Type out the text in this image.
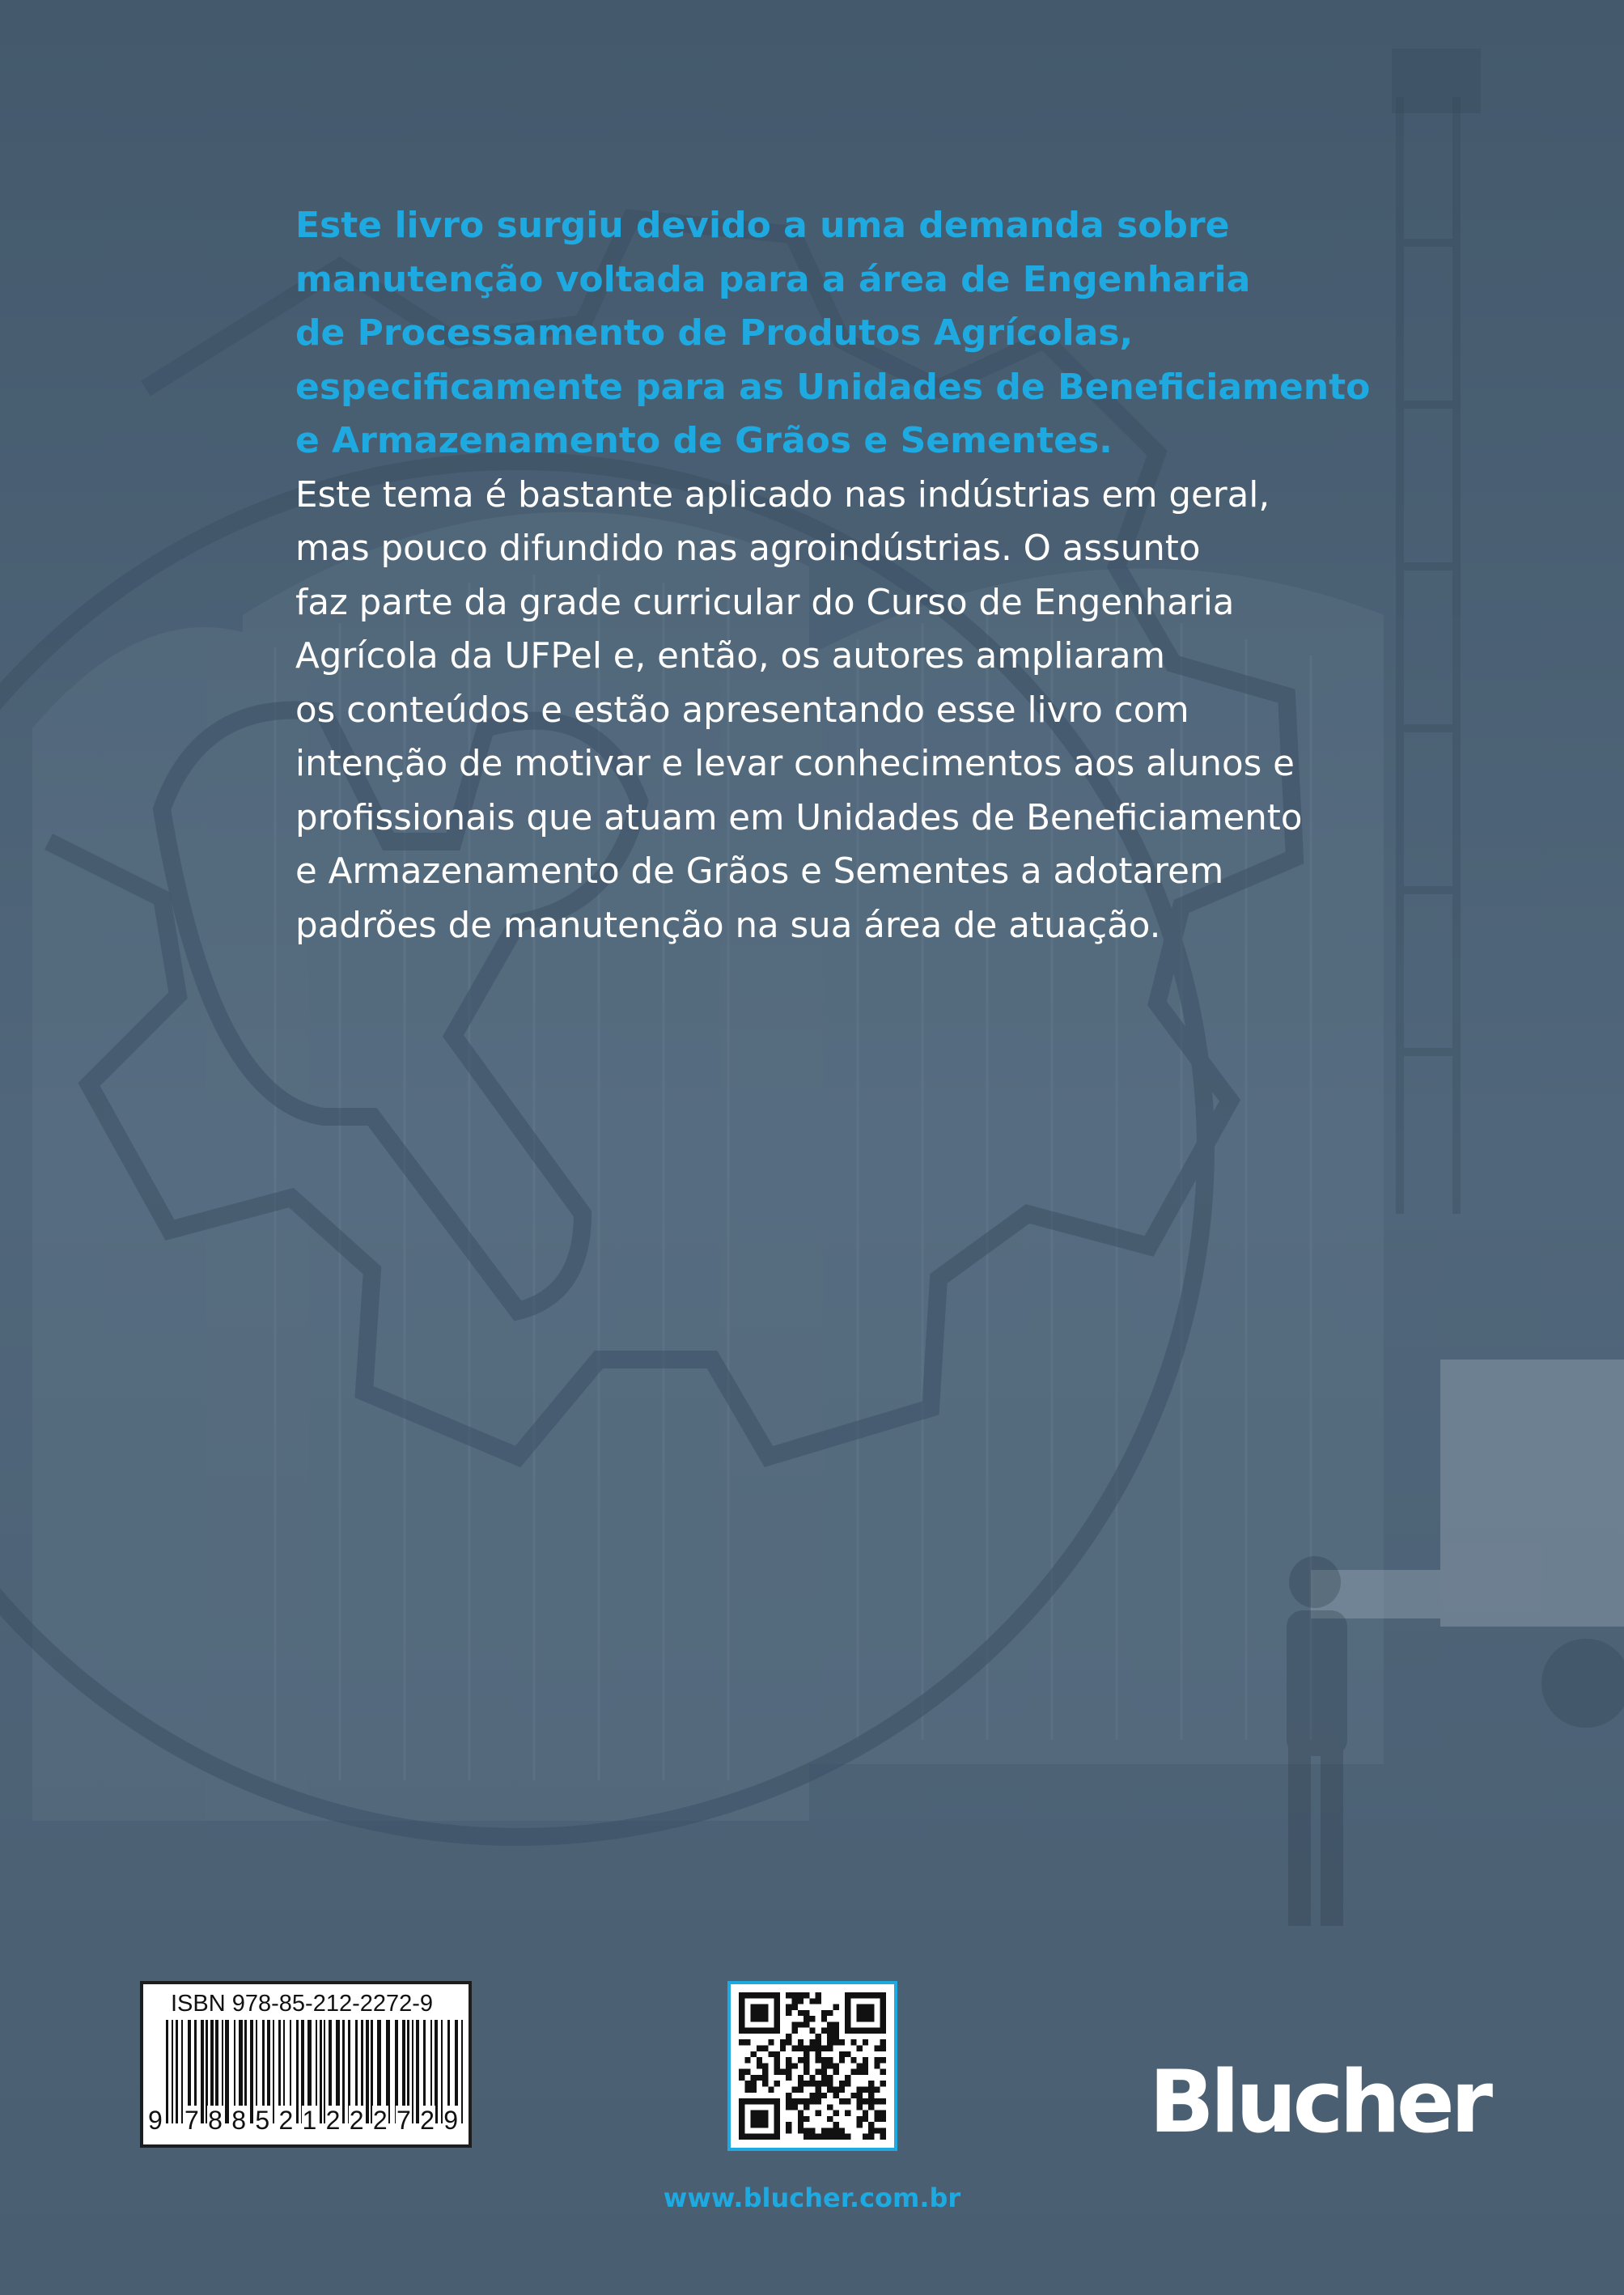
Este livro surgiu devido a uma demanda sobre
manutenção voltada para a área de Engenharia
de Processamento de Produtos Agrícolas,
especificamente para as Unidades de Beneficiamento
e Armazenamento de Grãos e Sementes.

Este tema é bastante aplicado nas indústrias em geral,
mas pouco difundido nas agroindústrias. O assunto
faz parte da grade curricular do Curso de Engenharia
Agrícola da UFPel e, então, os autores ampliaram
os conteúdos e estão apresentando esse livro com
intenção de motivar e levar conhecimentos aos alunos e
profissionais que atuam em Unidades de Beneficiamento
e Armazenamento de Grãos e Sementes a adotarem
padrões de manutenção na sua área de atuação.

ISBN 978-85-212-2272-9
9 7 8 8 5 2 1 2 2 2 7 2 9	Blucher
www.blucher.com.br
